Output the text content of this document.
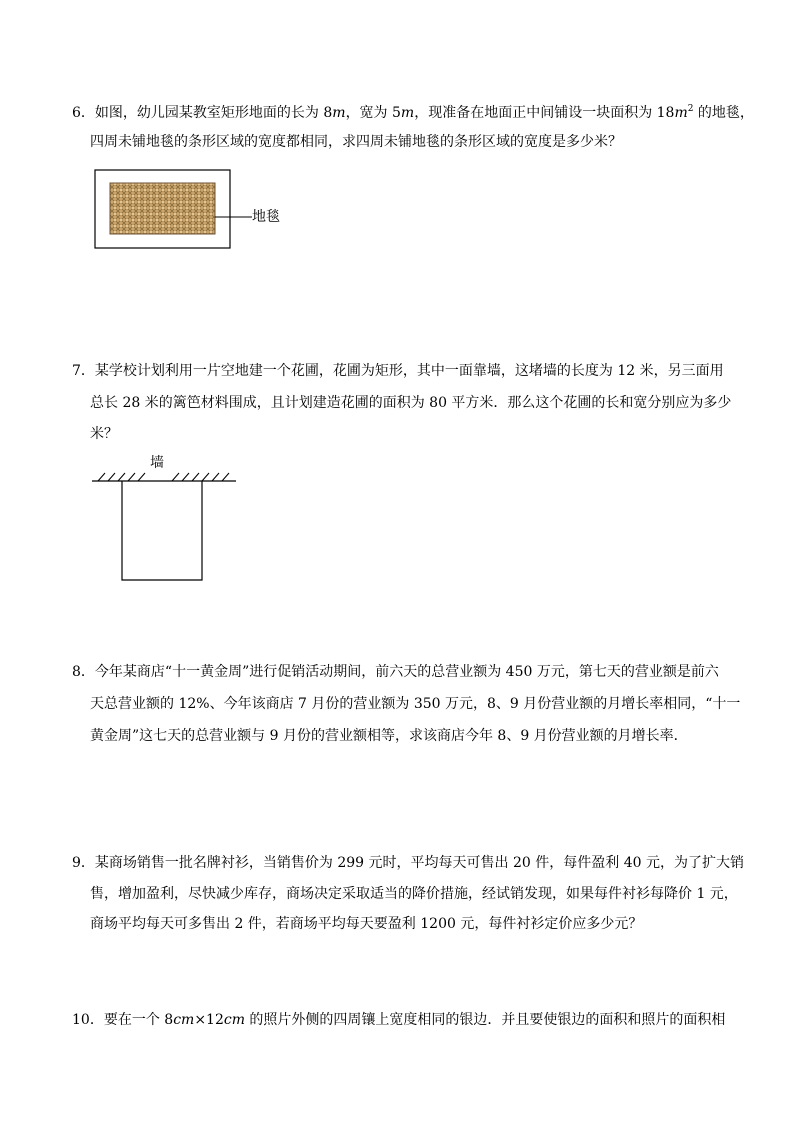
6．如图，幼儿园某教室矩形地面的长为 8m，宽为 5m，现准备在地面正中间铺设一块面积为 $18m^2$ 的地毯，
四周未铺地毯的条形区域的宽度都相同，求四周未铺地毯的条形区域的宽度是多少米？
地毯
7．某学校计划利用一片空地建一个花圃，花圃为矩形，其中一面靠墙，这堵墙的长度为 12 米，另三面用
总长 28 米的篱笆材料围成，且计划建造花圃的面积为 80 平方米．那么这个花圃的长和宽分别应为多少
米？
墙
8．今年某商店“十一黄金周”进行促销活动期间，前六天的总营业额为 450 万元，第七天的营业额是前六
天总营业额的 12%、今年该商店 7 月份的营业额为 350 万元，8、9 月份营业额的月增长率相同，“十一
黄金周”这七天的总营业额与 9 月份的营业额相等，求该商店今年 8、9 月份营业额的月增长率．
9．某商场销售一批名牌衬衫，当销售价为 299 元时，平均每天可售出 20 件，每件盈利 40 元，为了扩大销
售，增加盈利，尽快减少库存，商场决定采取适当的降价措施，经试销发现，如果每件衬衫每降价 1 元，
商场平均每天可多售出 2 件，若商场平均每天要盈利 1200 元，每件衬衫定价应多少元？
10．要在一个 8cm×12cm 的照片外侧的四周镶上宽度相同的银边．并且要使银边的面积和照片的面积相
